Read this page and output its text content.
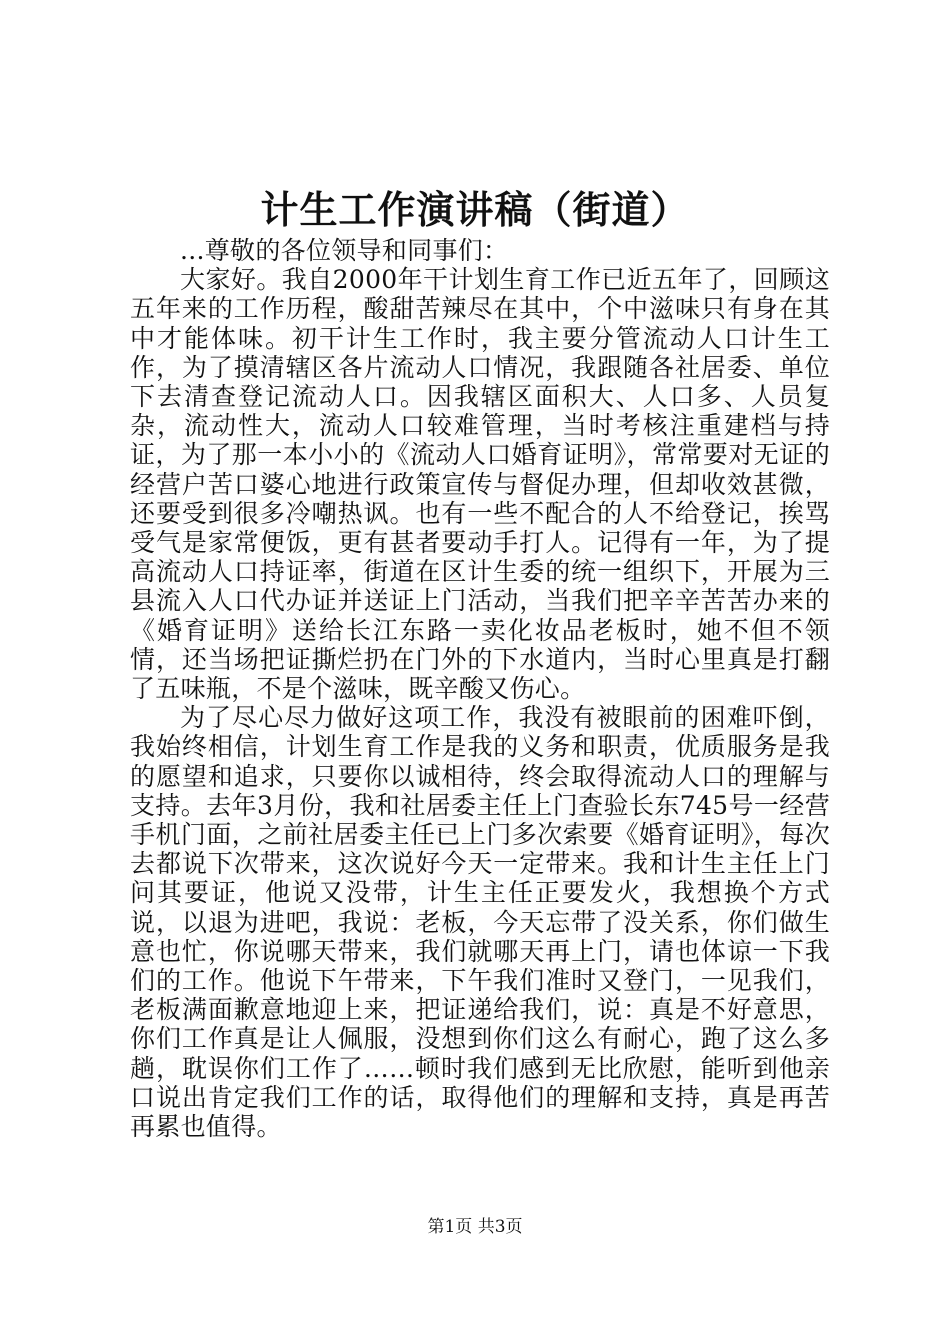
计生工作演讲稿（街道）

...尊敬的各位领导和同事们：

大家好。我自2000年干计划生育工作已近五年了，回顾这五年来的工作历程，酸甜苦辣尽在其中，个中滋味只有身在其中才能体味。初干计生工作时，我主要分管流动人口计生工作，为了摸清辖区各片流动人口情况，我跟随各社居委、单位下去清查登记流动人口。因我辖区面积大、人口多、人员复杂，流动性大，流动人口较难管理，当时考核注重建档与持证，为了那一本小小的《流动人口婚育证明》，常常要对无证的经营户苦口婆心地进行政策宣传与督促办理，但却收效甚微，还要受到很多冷嘲热讽。也有一些不配合的人不给登记，挨骂受气是家常便饭，更有甚者要动手打人。记得有一年，为了提高流动人口持证率，街道在区计生委的统一组织下，开展为三县流入人口代办证并送证上门活动，当我们把辛辛苦苦办来的《婚育证明》送给长江东路一卖化妆品老板时，她不但不领情，还当场把证撕烂扔在门外的下水道内，当时心里真是打翻了五味瓶，不是个滋味，既辛酸又伤心。

为了尽心尽力做好这项工作，我没有被眼前的困难吓倒，我始终相信，计划生育工作是我的义务和职责，优质服务是我的愿望和追求，只要你以诚相待，终会取得流动人口的理解与支持。去年3月份，我和社居委主任上门查验长东745号一经营手机门面，之前社居委主任已上门多次索要《婚育证明》，每次去都说下次带来，这次说好今天一定带来。我和计生主任上门问其要证，他说又没带，计生主任正要发火，我想换个方式说，以退为进吧，我说：老板，今天忘带了没关系，你们做生意也忙，你说哪天带来，我们就哪天再上门，请也体谅一下我们的工作。他说下午带来，下午我们准时又登门，一见我们，老板满面歉意地迎上来，把证递给我们，说：真是不好意思，你们工作真是让人佩服，没想到你们这么有耐心，跑了这么多趟，耽误你们工作了……顿时我们感到无比欣慰，能听到他亲口说出肯定我们工作的话，取得他们的理解和支持，真是再苦再累也值得。

第1页 共3页
